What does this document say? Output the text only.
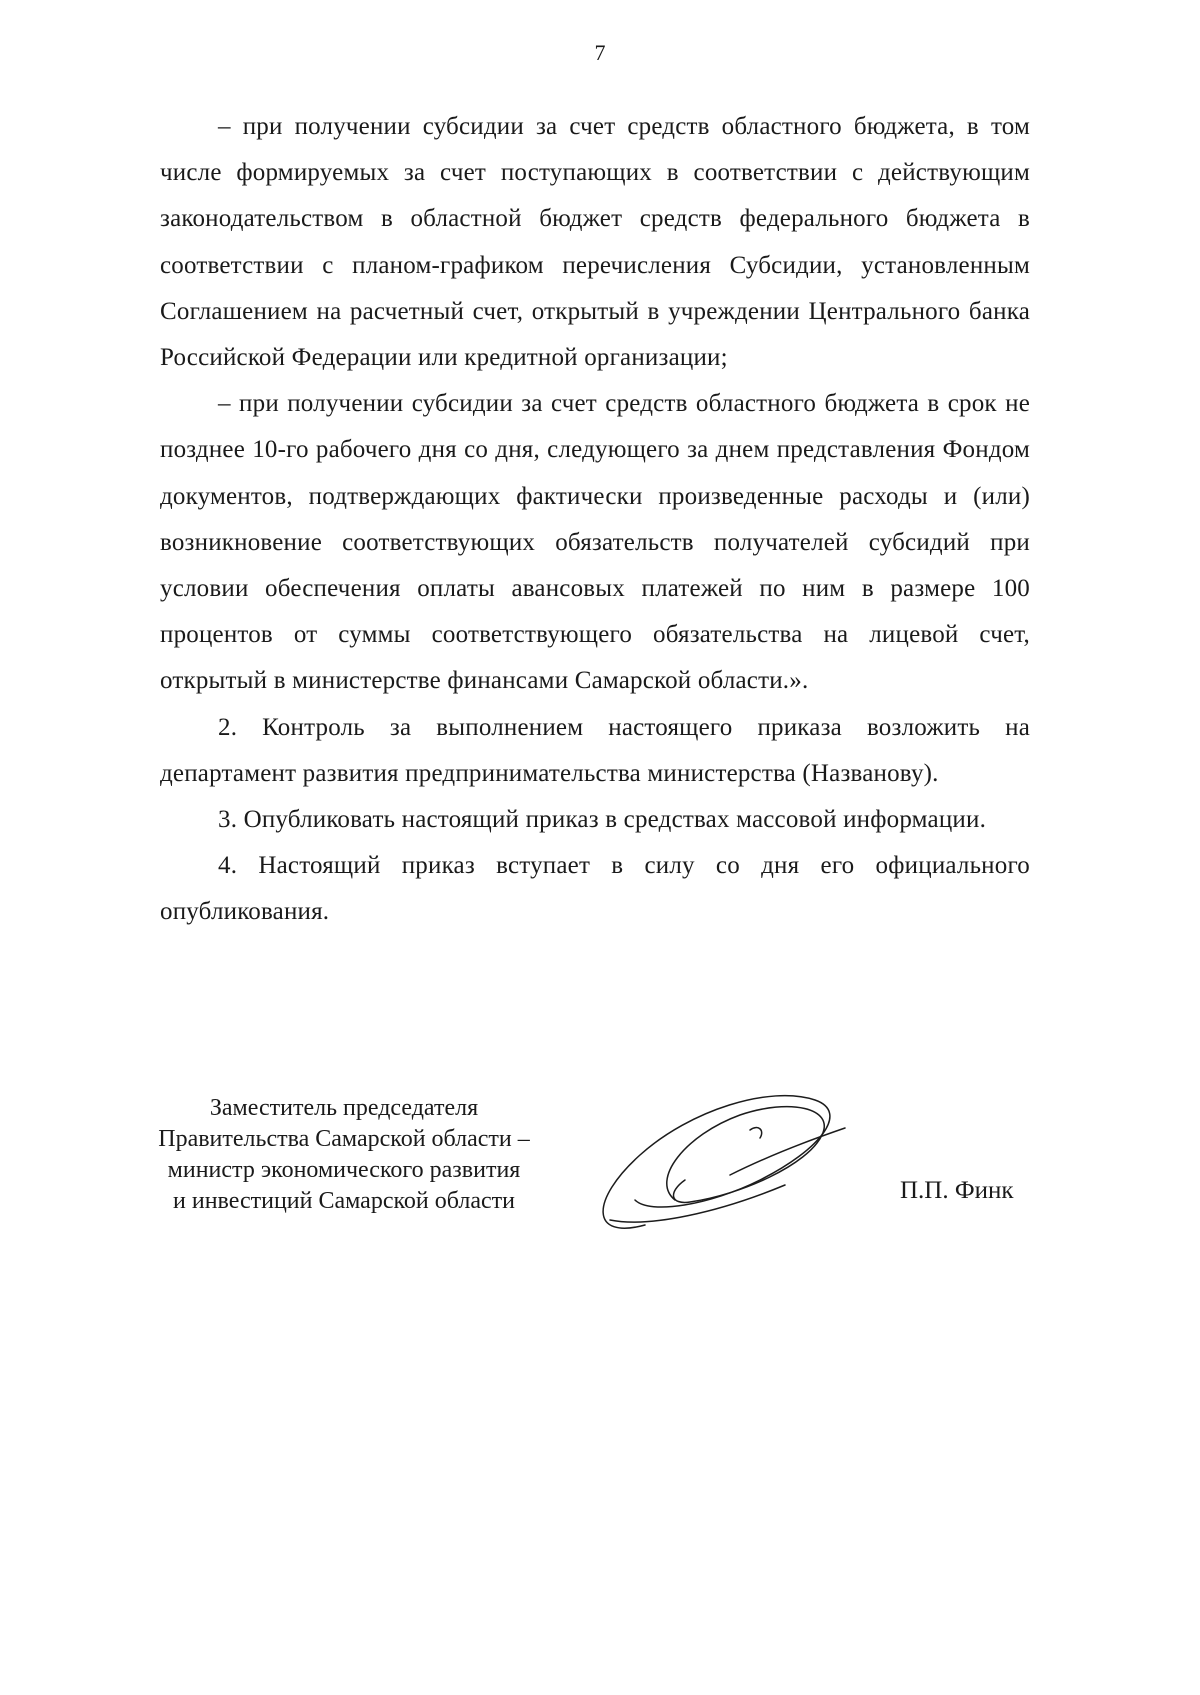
7

– при получении субсидии за счет средств областного бюджета, в том числе формируемых за счет поступающих в соответствии с действующим законодательством в областной бюджет средств федерального бюджета в соответствии с планом-графиком перечисления Субсидии, установленным Соглашением на расчетный счет, открытый в учреждении Центрального банка Российской Федерации или кредитной организации;

– при получении субсидии за счет средств областного бюджета в срок не позднее 10-го рабочего дня со дня, следующего за днем представления Фондом документов, подтверждающих фактически произведенные расходы и (или) возникновение соответствующих обязательств получателей субсидий при условии обеспечения оплаты авансовых платежей по ним в размере 100 процентов от суммы соответствующего обязательства на лицевой счет, открытый в министерстве финансами Самарской области.».

2. Контроль за выполнением настоящего приказа возложить на департамент развития предпринимательства министерства (Названову).

3. Опубликовать настоящий приказ в средствах массовой информации.

4. Настоящий приказ вступает в силу со дня его официального опубликования.

Заместитель председателя
Правительства Самарской области –
министр экономического развития
и инвестиций Самарской области	П.П. Финк
